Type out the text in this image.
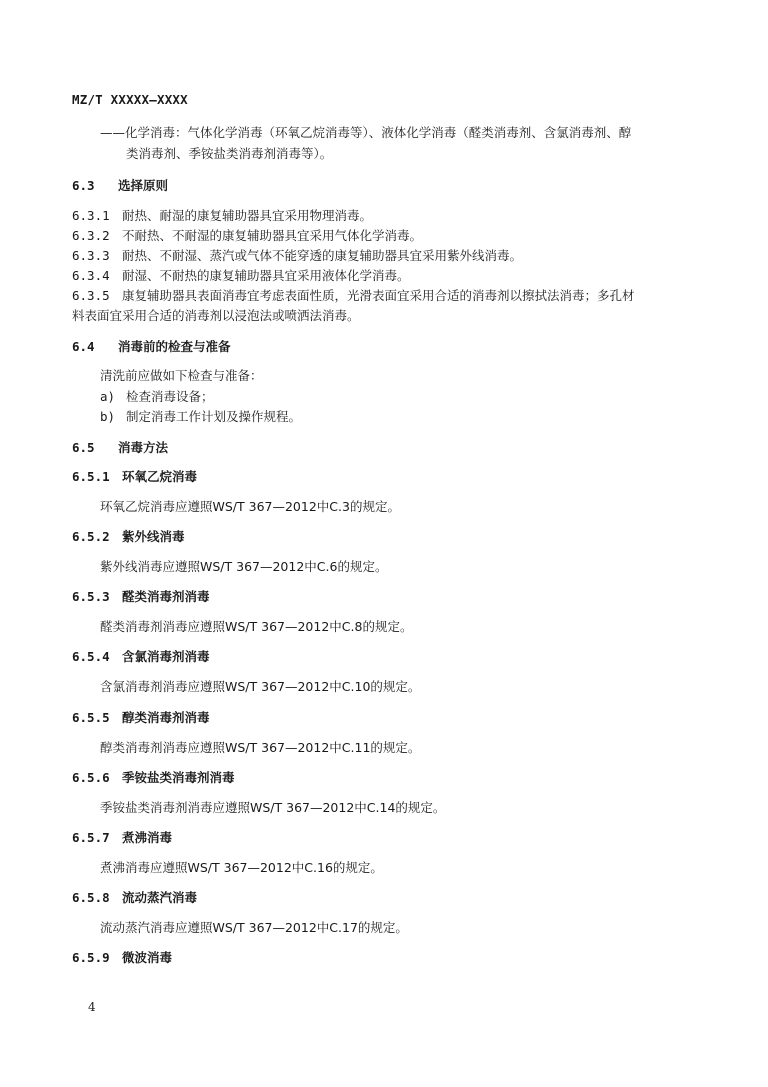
MZ/T XXXXX—XXXX
——化学消毒：气体化学消毒（环氧乙烷消毒等）、液体化学消毒（醛类消毒剂、含氯消毒剂、醇
类消毒剂、季铵盐类消毒剂消毒等）。
6.3 选择原则
6.3.1 耐热、耐湿的康复辅助器具宜采用物理消毒。
6.3.2 不耐热、不耐湿的康复辅助器具宜采用气体化学消毒。
6.3.3 耐热、不耐湿、蒸汽或气体不能穿透的康复辅助器具宜采用紫外线消毒。
6.3.4 耐湿、不耐热的康复辅助器具宜采用液体化学消毒。
6.3.5 康复辅助器具表面消毒宜考虑表面性质，光滑表面宜采用合适的消毒剂以擦拭法消毒；多孔材
料表面宜采用合适的消毒剂以浸泡法或喷洒法消毒。
6.4 消毒前的检查与准备
清洗前应做如下检查与准备：
a) 检查消毒设备；
b) 制定消毒工作计划及操作规程。
6.5 消毒方法
6.5.1 环氧乙烷消毒
环氧乙烷消毒应遵照WS/T 367—2012中C.3的规定。
6.5.2 紫外线消毒
紫外线消毒应遵照WS/T 367—2012中C.6的规定。
6.5.3 醛类消毒剂消毒
醛类消毒剂消毒应遵照WS/T 367—2012中C.8的规定。
6.5.4 含氯消毒剂消毒
含氯消毒剂消毒应遵照WS/T 367—2012中C.10的规定。
6.5.5 醇类消毒剂消毒
醇类消毒剂消毒应遵照WS/T 367—2012中C.11的规定。
6.5.6 季铵盐类消毒剂消毒
季铵盐类消毒剂消毒应遵照WS/T 367—2012中C.14的规定。
6.5.7 煮沸消毒
煮沸消毒应遵照WS/T 367—2012中C.16的规定。
6.5.8 流动蒸汽消毒
流动蒸汽消毒应遵照WS/T 367—2012中C.17的规定。
6.5.9 微波消毒
4
